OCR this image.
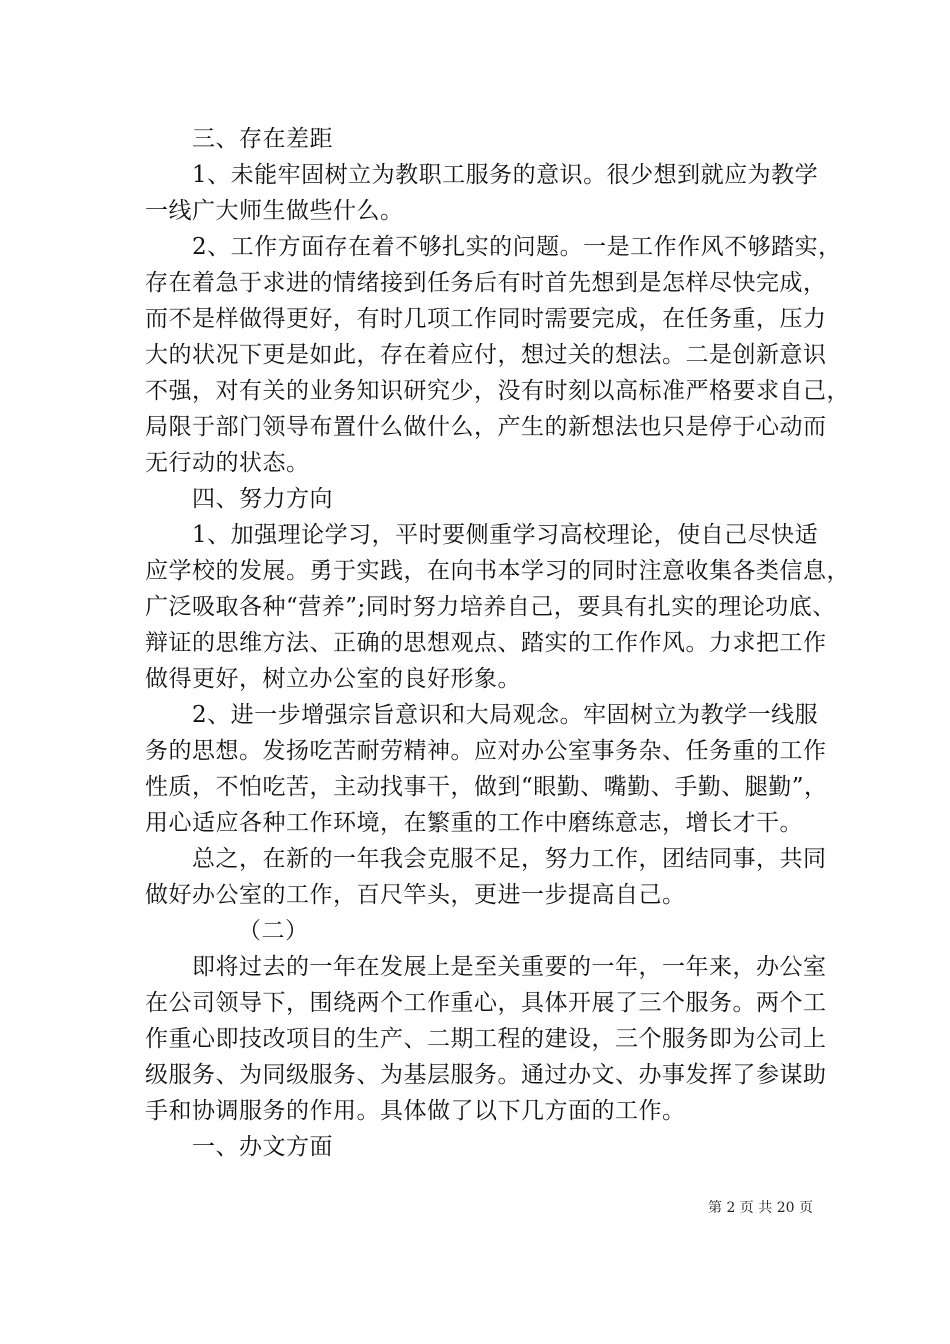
三、存在差距
1、未能牢固树立为教职工服务的意识。很少想到就应为教学
一线广大师生做些什么。
2、工作方面存在着不够扎实的问题。一是工作作风不够踏实，
存在着急于求进的情绪接到任务后有时首先想到是怎样尽快完成，
而不是样做得更好，有时几项工作同时需要完成，在任务重，压力
大的状况下更是如此，存在着应付，想过关的想法。二是创新意识
不强，对有关的业务知识研究少，没有时刻以高标准严格要求自己，
局限于部门领导布置什么做什么，产生的新想法也只是停于心动而
无行动的状态。
四、努力方向
1、加强理论学习，平时要侧重学习高校理论，使自己尽快适
应学校的发展。勇于实践，在向书本学习的同时注意收集各类信息，
广泛吸取各种“营养”;同时努力培养自己，要具有扎实的理论功底、
辩证的思维方法、正确的思想观点、踏实的工作作风。力求把工作
做得更好，树立办公室的良好形象。
2、进一步增强宗旨意识和大局观念。牢固树立为教学一线服
务的思想。发扬吃苦耐劳精神。应对办公室事务杂、任务重的工作
性质，不怕吃苦，主动找事干，做到“眼勤、嘴勤、手勤、腿勤”，
用心适应各种工作环境，在繁重的工作中磨练意志，增长才干。
总之，在新的一年我会克服不足，努力工作，团结同事，共同
做好办公室的工作，百尺竿头，更进一步提高自己。
（二）
即将过去的一年在发展上是至关重要的一年，一年来，办公室
在公司领导下，围绕两个工作重心，具体开展了三个服务。两个工
作重心即技改项目的生产、二期工程的建设，三个服务即为公司上
级服务、为同级服务、为基层服务。通过办文、办事发挥了参谋助
手和协调服务的作用。具体做了以下几方面的工作。
一、办文方面
第 2 页 共 20 页
